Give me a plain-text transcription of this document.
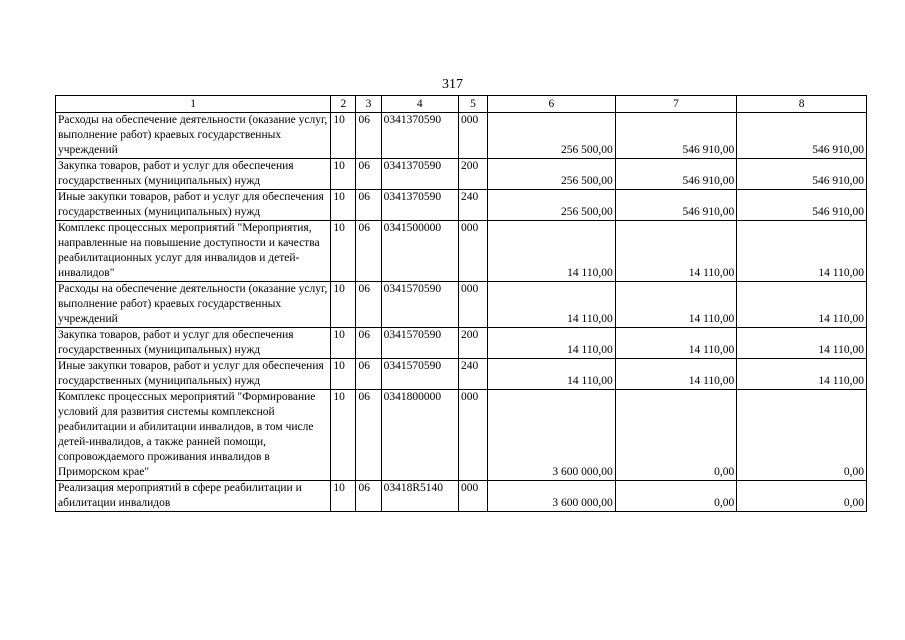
317
1	2	3	4	5	6	7	8
Расходы на обеспечение деятельности (оказание услуг, выполнение работ) краевых государственных учреждений	10	06	0341370590	000	256 500,00	546 910,00	546 910,00
Закупка товаров, работ и услуг для обеспечения государственных (муниципальных) нужд	10	06	0341370590	200	256 500,00	546 910,00	546 910,00
Иные закупки товаров, работ и услуг для обеспечения государственных (муниципальных) нужд	10	06	0341370590	240	256 500,00	546 910,00	546 910,00
Комплекс процессных мероприятий "Мероприятия, направленные на повышение доступности и качества реабилитационных услуг для инвалидов и детей-инвалидов"	10	06	0341500000	000	14 110,00	14 110,00	14 110,00
Расходы на обеспечение деятельности (оказание услуг, выполнение работ) краевых государственных учреждений	10	06	0341570590	000	14 110,00	14 110,00	14 110,00
Закупка товаров, работ и услуг для обеспечения государственных (муниципальных) нужд	10	06	0341570590	200	14 110,00	14 110,00	14 110,00
Иные закупки товаров, работ и услуг для обеспечения государственных (муниципальных) нужд	10	06	0341570590	240	14 110,00	14 110,00	14 110,00
Комплекс процессных мероприятий "Формирование условий для развития системы комплексной реабилитации и абилитации инвалидов, в том числе детей-инвалидов, а также ранней помощи, сопровождаемого проживания инвалидов в Приморском крае"	10	06	0341800000	000	3 600 000,00	0,00	0,00
Реализация мероприятий в сфере реабилитации и абилитации инвалидов	10	06	03418R5140	000	3 600 000,00	0,00	0,00
